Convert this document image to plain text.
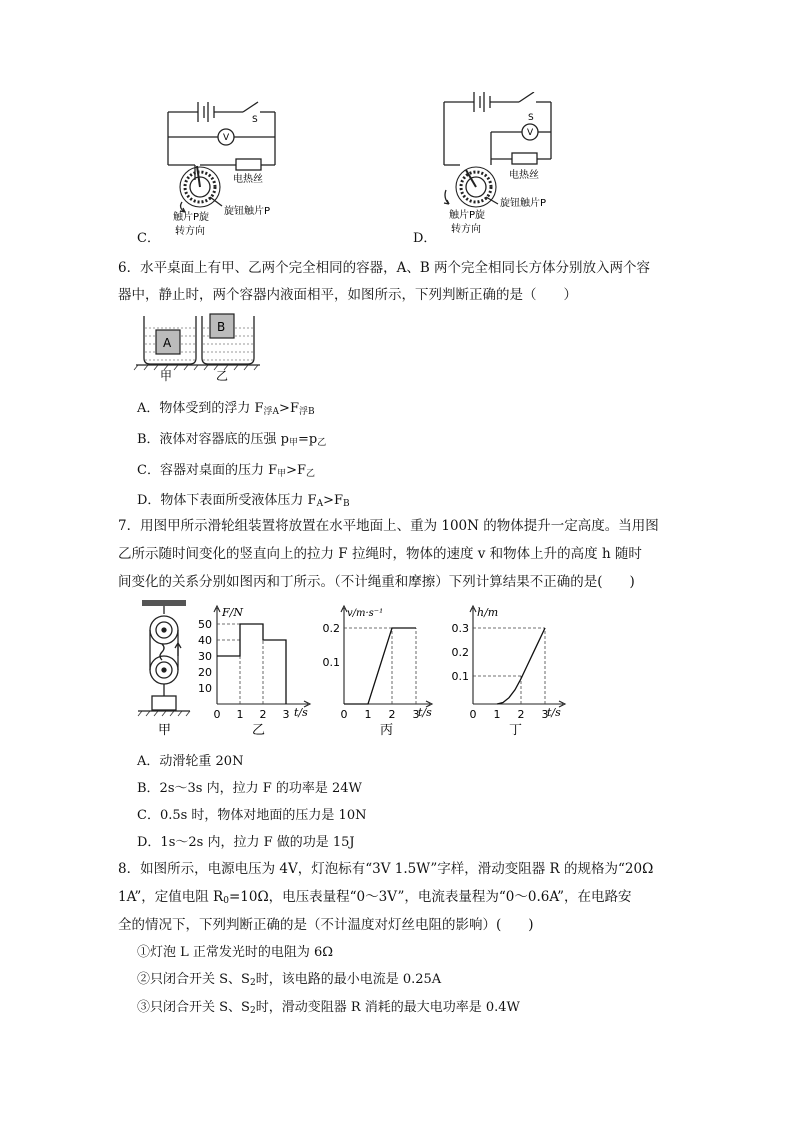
S
V
电热丝
旋钮触片P
触片P旋
转方向
C．
S
V
电热丝
旋钮触片P
触片P旋
转方向
D．
6．水平桌面上有甲、乙两个完全相同的容器，A、B 两个完全相同长方体分别放入两个容
器中，静止时，两个容器内液面相平，如图所示，下列判断正确的是（　　）
A
B
甲	乙
A．物体受到的浮力 $F_{浮A}>F_{浮B}$
B．液体对容器底的压强 $p_甲=p_乙$
C．容器对桌面的压力 $F_甲>F_乙$
D．物体下表面所受液体压力 $F_A>F_B$
7．用图甲所示滑轮组装置将放置在水平地面上、重为 100N 的物体提升一定高度。当用图
乙所示随时间变化的竖直向上的拉力 F 拉绳时，物体的速度 v 和物体上升的高度 h 随时
间变化的关系分别如图丙和丁所示。（不计绳重和摩擦）下列计算结果不正确的是(　　)
甲
F/N
t/s
10
20
30
40
50
0 1 2 3
乙
v/m·s⁻¹
t/s
0.1
0.2
0 1 2 3
丙
h/m
t/s
0.1
0.2
0.3
0 1 2 3
丁
A．动滑轮重 20N
B．2s～3s 内，拉力 F 的功率是 24W
C．0.5s 时，物体对地面的压力是 10N
D．1s～2s 内，拉力 F 做的功是 15J
8．如图所示，电源电压为 4V，灯泡标有“3V 1.5W”字样，滑动变阻器 R 的规格为“20Ω
1A”，定值电阻 $R_0=10\Omega$，电压表量程“0～3V”，电流表量程为“0～0.6A”，在电路安
全的情况下，下列判断正确的是（不计温度对灯丝电阻的影响）(　　)
①灯泡 L 正常发光时的电阻为 6Ω
②只闭合开关 S、$S_2$时，该电路的最小电流是 0.25A
③只闭合开关 S、$S_2$时，滑动变阻器 R 消耗的最大电功率是 0.4W
